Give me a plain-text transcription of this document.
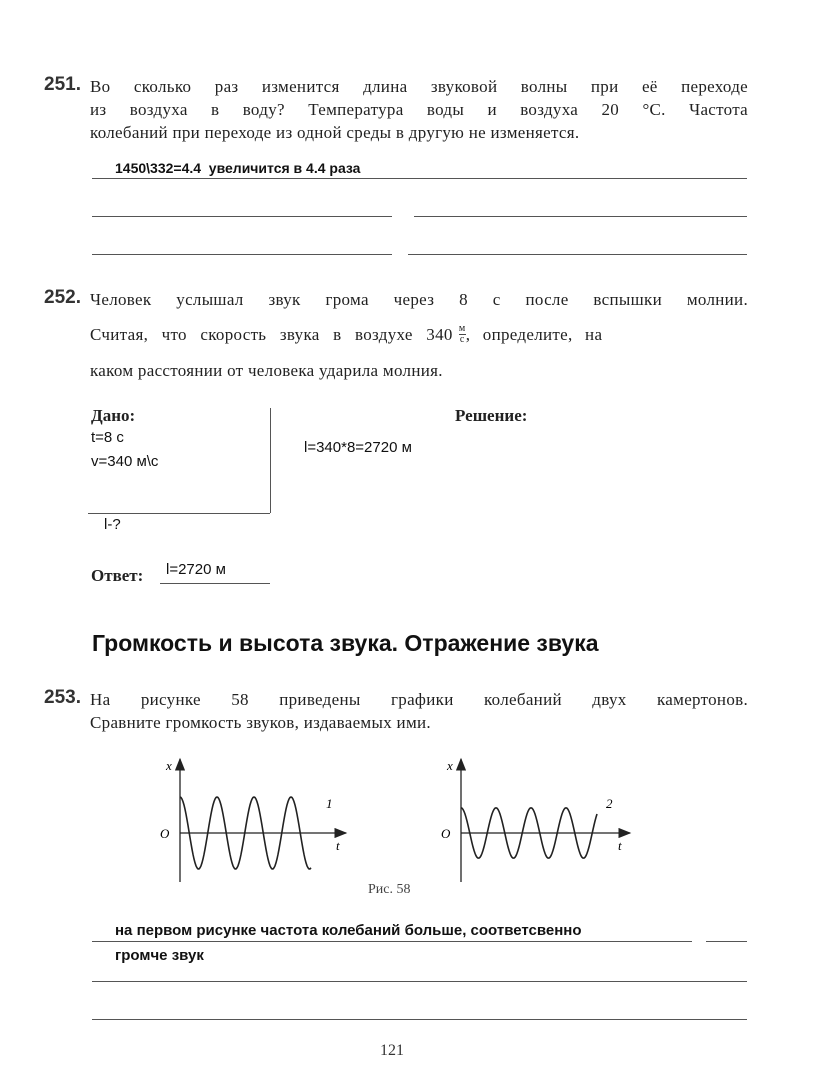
251. Во сколько раз изменится длина звуковой волны при её переходе
из воздуха в воду? Температура воды и воздуха 20 °С. Частота
колебаний при переходе из одной среды в другую не изменяется.
1450\332=4.4  увеличится в 4.4 раза
252. Человек услышал звук грома через 8 с после вспышки молнии.
Считая, что скорость звука в воздухе 340 м
с , определите, на
каком расстоянии от человека ударила молния.
Дано:
t=8 c
v=340 м\с
l-?
Решение:
l=340*8=2720 м
Ответ: l=2720 м
Громкость и высота звука. Отражение звука
253. На рисунке 58 приведены графики колебаний двух камертонов.
Сравните громкость звуков, издаваемых ими.
x
O
t
1
x
O
t
2
Рис. 58
на первом рисунке частота колебаний больше, соответсвенно
громче звук
121
